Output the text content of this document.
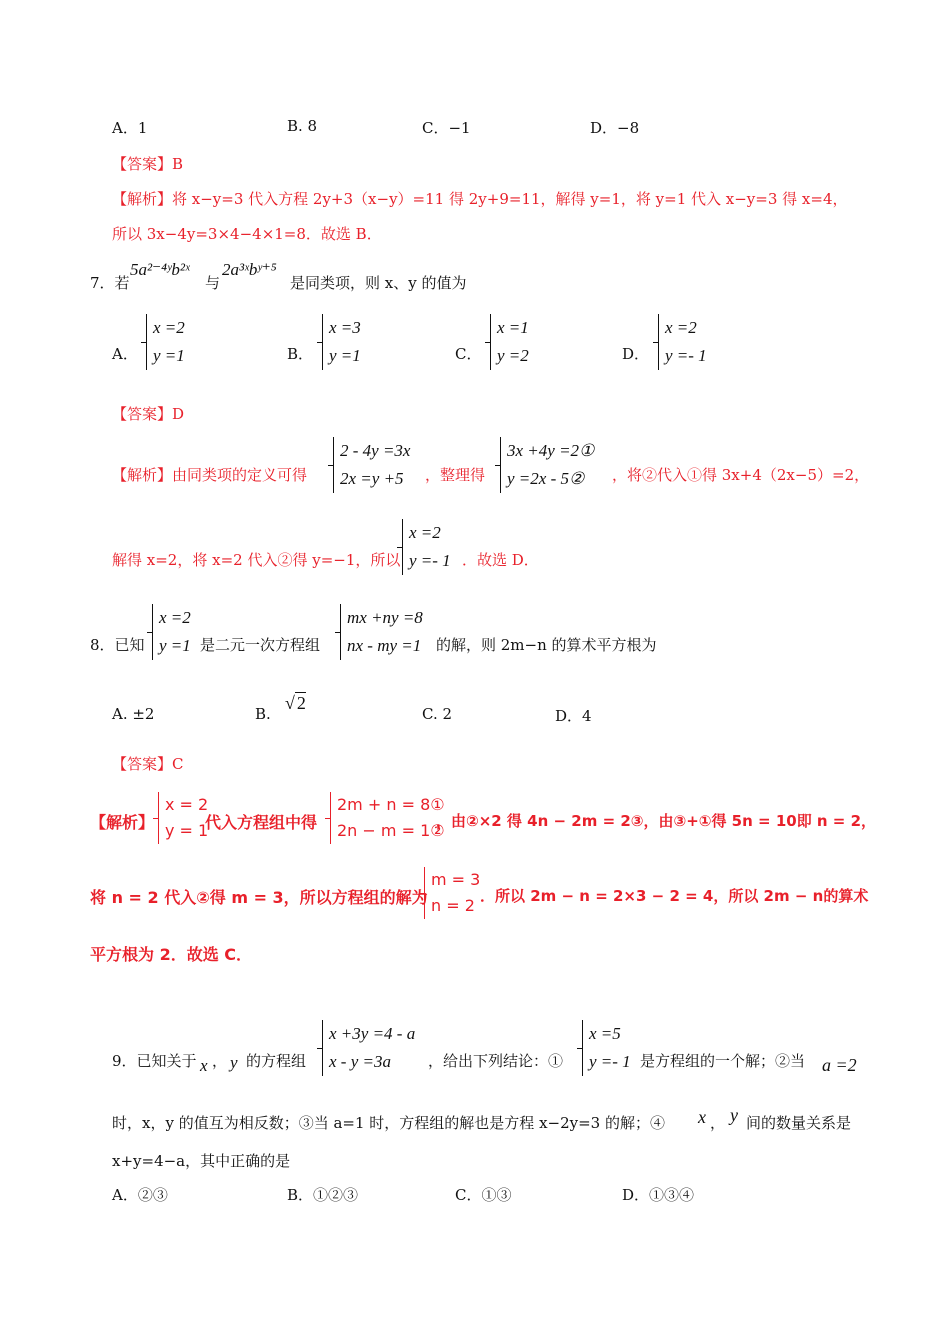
A．1	B. 8	C．−1	D．−8
【答案】B
【解析】将 x−y=3 代入方程 2y+3（x−y）=11 得 2y+9=11，解得 y=1，将 y=1 代入 x−y=3 得 x=4，
所以 3x−4y=3×4−4×1=8．故选 B．
7．若
5a²⁻⁴ʸb²ˣ
与
2a³ˣbʸ⁺⁵
是同类项，则 x、y 的值为
A．
x =2
y =1	B．
x =3
y =1	C．
x =1
y =2	D．
x =2
y =- 1
【答案】D
【解析】由同类项的定义可得
2 - 4y =3x
2x =y +5	，整理得
3x +4y =2①
y =2x - 5②	，将②代入①得 3x+4（2x−5）=2，
解得 x=2，将 x=2 代入②得 y=−1，所以
x =2
y =- 1 ．故选 D．
8．已知
x =2
y =1 是二元一次方程组
mx +ny =8
nx - my =1 的解，则 2m−n 的算术平方根为
A. ±2	B.
√ 2
C. 2	D．4
【答案】C
【解析】
x = 2
y = 1
代入方程组中得
2m + n = 8①
2n − m = 1②
，由②×2 得 4n − 2m = 2③，由③+①得 5n = 10即 n = 2，
将 n = 2 代入②得 m = 3，所以方程组的解为
m = 3
n = 2 ．所以 2m − n = 2×3 − 2 = 4，所以 2m − n的算术
平方根为 2．故选 C．
9．已知关于 x ， y 的方程组
x +3y =4 - a
x - y =3a	，给出下列结论：①
x =5
y =- 1 是方程组的一个解；②当 a =2
时，x，y 的值互为相反数；③当 a=1 时，方程组的解也是方程 x−2y=3 的解；④ x ， y 间的数量关系是
x+y=4−a，其中正确的是
A．②③	B．①②③	C．①③	D．①③④
